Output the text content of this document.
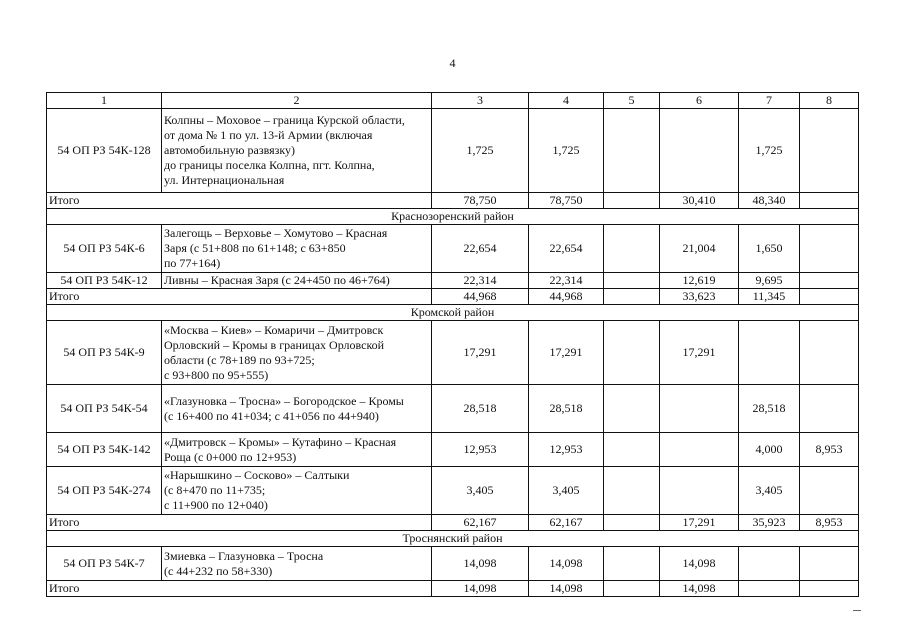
4
1	2	3	4	5	6	7	8
54 ОП РЗ 54К-128	Колпны – Моховое – граница Курской области,
от дома № 1 по ул. 13-й Армии (включая
автомобильную развязку)
до границы поселка Колпна, пгт. Колпна,
ул. Интернациональная	1,725	1,725			1,725	
Итого		78,750	78,750		30,410	48,340	
Краснозоренский район							
54 ОП РЗ 54К-6	Залегощь – Верховье – Хомутово – Красная
Заря (с 51+808 по 61+148; с 63+850
по 77+164)	22,654	22,654		21,004	1,650	
54 ОП РЗ 54К-12	Ливны – Красная Заря (с 24+450 по 46+764)	22,314	22,314		12,619	9,695	
Итого		44,968	44,968		33,623	11,345	
Кромской район							
54 ОП РЗ 54К-9	«Москва – Киев» – Комаричи – Дмитровск
Орловский – Кромы в границах Орловской
области (с 78+189 по 93+725;
с 93+800 по 95+555)	17,291	17,291		17,291		
54 ОП РЗ 54К-54	«Глазуновка – Тросна» – Богородское – Кромы
(с 16+400 по 41+034; с 41+056 по 44+940)	28,518	28,518			28,518	
54 ОП РЗ 54К-142	«Дмитровск – Кромы» – Кутафино – Красная
Роща (с 0+000 по 12+953)	12,953	12,953			4,000	8,953
54 ОП РЗ 54К-274	«Нарышкино – Сосково» – Салтыки
(с 8+470 по 11+735;
с 11+900 по 12+040)	3,405	3,405			3,405	
Итого		62,167	62,167		17,291	35,923	8,953
Троснянский район							
54 ОП РЗ 54К-7	Змиевка – Глазуновка – Тросна
(с 44+232 по 58+330)	14,098	14,098		14,098		
Итого		14,098	14,098		14,098		
